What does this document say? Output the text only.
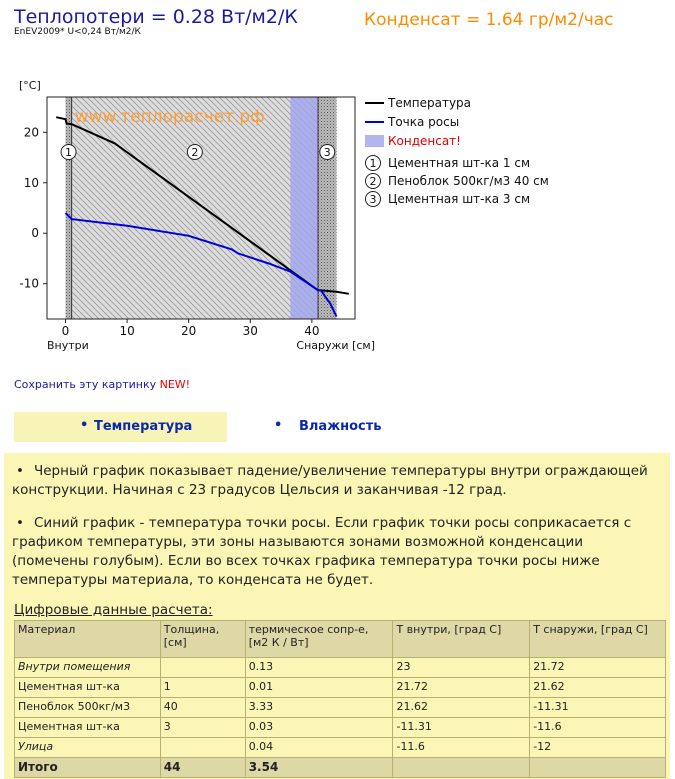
Теплопотери = 0.28 Вт/м2/К
EnEV2009* U<0,24 Вт/м2/К
Конденсат = 1.64 гр/м2/час
www.теплорасчет.рф
1	2	3
20
10
0
-10
0	10	20	30	40
[°C]
Внутри	Снаружи [см]
Температура
Точка росы
Конденсат!
1 Цементная шт-ка 1 см
2 Пеноблок 500кг/м3 40 см
3 Цементная шт-ка 3 см
Сохранить эту картинку NEW!
• Температура	• Влажность
• Черный график показывает падение/увеличение температуры внутри ограждающей конструкции. Начиная с 23 градусов Цельсия и заканчивая -12 град.
• Синий график - температура точки росы. Если график точки росы соприкасается с графиком температуры, эти зоны называются зонами возможной конденсации (помечены голубым). Если во всех точках графика температура точки росы ниже температуры материала, то конденсата не будет.
Цифровые данные расчета:
Материал	Толщина, [см]	термическое сопр-е, [м2 К / Вт]	T внутри, [град C]	T снаружи, [град C]
Внутри помещения		0.13	23	21.72
Цементная шт-ка	1	0.01	21.72	21.62
Пеноблок 500кг/м3	40	3.33	21.62	-11.31
Цементная шт-ка	3	0.03	-11.31	-11.6
Улица		0.04	-11.6	-12
Итого	44	3.54		
